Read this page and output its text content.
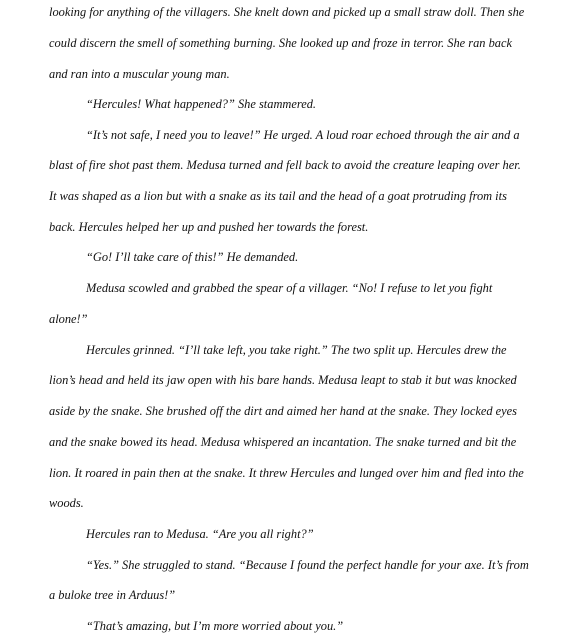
looking for anything of the villagers. She knelt down and picked up a small straw doll. Then she
could discern the smell of something burning. She looked up and froze in terror. She ran back
and ran into a muscular young man.
“Hercules! What happened?” She stammered.
“It’s not safe, I need you to leave!” He urged. A loud roar echoed through the air and a
blast of fire shot past them. Medusa turned and fell back to avoid the creature leaping over her.
It was shaped as a lion but with a snake as its tail and the head of a goat protruding from its
back. Hercules helped her up and pushed her towards the forest.
“Go! I’ll take care of this!” He demanded.
Medusa scowled and grabbed the spear of a villager. “No! I refuse to let you fight
alone!”
Hercules grinned. “I’ll take left, you take right.” The two split up. Hercules drew the
lion’s head and held its jaw open with his bare hands. Medusa leapt to stab it but was knocked
aside by the snake. She brushed off the dirt and aimed her hand at the snake. They locked eyes
and the snake bowed its head. Medusa whispered an incantation. The snake turned and bit the
lion. It roared in pain then at the snake. It threw Hercules and lunged over him and fled into the
woods.
Hercules ran to Medusa. “Are you all right?”
“Yes.” She struggled to stand. “Because I found the perfect handle for your axe. It’s from
a buloke tree in Arduus!”
“That’s amazing, but I’m more worried about you.”
